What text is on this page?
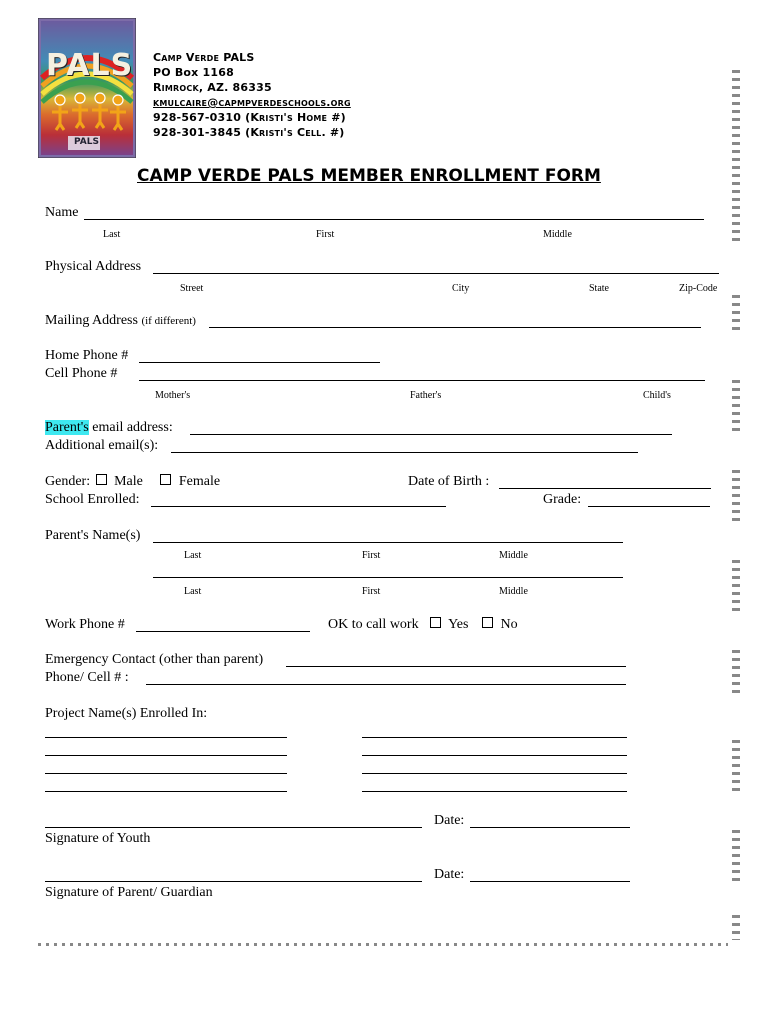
PALS
PALS
Camp Verde PALS
PO Box 1168
Rimrock, AZ. 86335
kmulcaire@capmpverdeschools.org
928-567-0310 (Kristi's Home #)
928-301-3845 (Kristi's Cell. #)
CAMP VERDE PALS MEMBER ENROLLMENT FORM
Name
Last	First	Middle
Physical Address
Street	City	State	Zip-Code
Mailing Address (if different)
Home Phone #
Cell Phone #
Mother's	Father's	Child's
Parent's email address:
Additional email(s):
Gender: Male	Female	Date of Birth :
School Enrolled:	Grade:
Parent's Name(s)
Last	First	Middle
Last	First	Middle
Work Phone #	OK to call work Yes No
Emergency Contact (other than parent)
Phone/ Cell # :
Project Name(s) Enrolled In:
Date:
Signature of Youth
Date:
Signature of Parent/ Guardian
